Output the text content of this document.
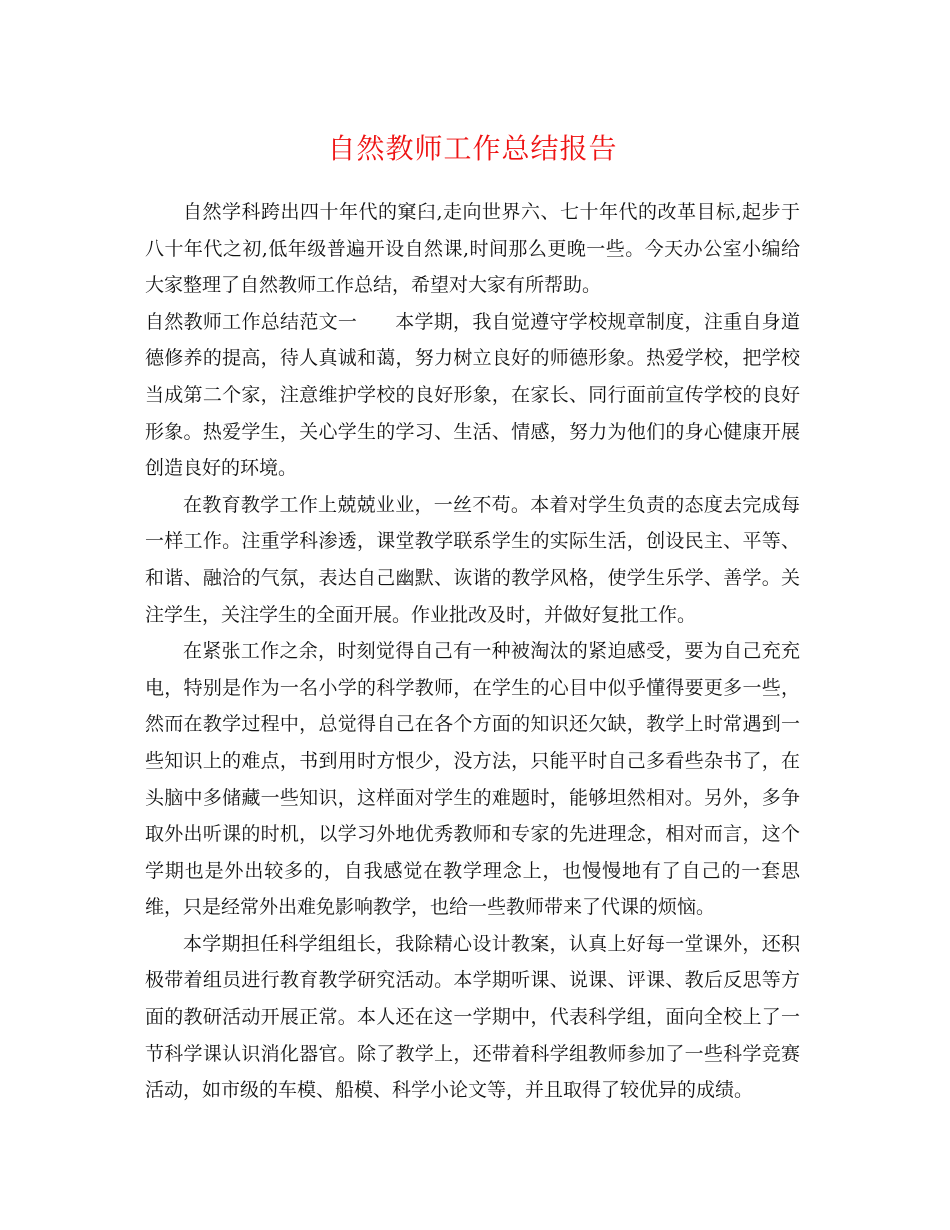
自然教师工作总结报告

自然学科跨出四十年代的窠臼,走向世界六、七十年代的改革目标,起步于八十年代之初,低年级普遍开设自然课,时间那么更晚一些。今天办公室小编给大家整理了自然教师工作总结，希望对大家有所帮助。

自然教师工作总结范文一 本学期，我自觉遵守学校规章制度，注重自身道德修养的提高，待人真诚和蔼，努力树立良好的师德形象。热爱学校，把学校当成第二个家，注意维护学校的良好形象，在家长、同行面前宣传学校的良好形象。热爱学生，关心学生的学习、生活、情感，努力为他们的身心健康开展创造良好的环境。

在教育教学工作上兢兢业业，一丝不苟。本着对学生负责的态度去完成每一样工作。注重学科渗透，课堂教学联系学生的实际生活，创设民主、平等、和谐、融洽的气氛，表达自己幽默、诙谐的教学风格，使学生乐学、善学。关注学生，关注学生的全面开展。作业批改及时，并做好复批工作。

在紧张工作之余，时刻觉得自己有一种被淘汰的紧迫感受，要为自己充充电，特别是作为一名小学的科学教师，在学生的心目中似乎懂得要更多一些，然而在教学过程中，总觉得自己在各个方面的知识还欠缺，教学上时常遇到一些知识上的难点，书到用时方恨少，没方法，只能平时自己多看些杂书了，在头脑中多储藏一些知识，这样面对学生的难题时，能够坦然相对。另外，多争取外出听课的时机，以学习外地优秀教师和专家的先进理念，相对而言，这个学期也是外出较多的，自我感觉在教学理念上，也慢慢地有了自己的一套思维，只是经常外出难免影响教学，也给一些教师带来了代课的烦恼。

本学期担任科学组组长，我除精心设计教案，认真上好每一堂课外，还积极带着组员进行教育教学研究活动。本学期听课、说课、评课、教后反思等方面的教研活动开展正常。本人还在这一学期中，代表科学组，面向全校上了一节科学课认识消化器官。除了教学上，还带着科学组教师参加了一些科学竞赛活动，如市级的车模、船模、科学小论文等，并且取得了较优异的成绩。
